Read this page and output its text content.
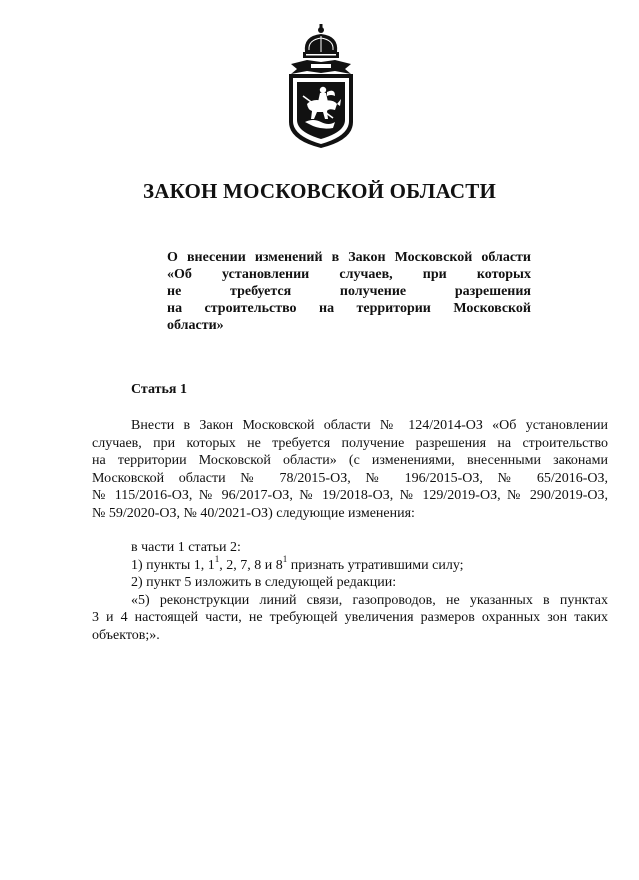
ЗАКОН МОСКОВСКОЙ ОБЛАСТИ
О внесении изменений в Закон Московской области
«Об установлении случаев, при которых
не требуется получение разрешения
на строительство на территории Московской
области»
Статья 1
Внести в Закон Московской области № 124/2014-ОЗ «Об установлении
случаев, при которых не требуется получение разрешения на строительство
на территории Московской области» (с изменениями, внесенными законами
Московской области № 78/2015-ОЗ, № 196/2015-ОЗ, № 65/2016-ОЗ,
№ 115/2016-ОЗ, № 96/2017-ОЗ, № 19/2018-ОЗ, № 129/2019-ОЗ, № 290/2019-ОЗ,
№ 59/2020-ОЗ, № 40/2021-ОЗ) следующие изменения:
в части 1 статьи 2:
1) пункты 1, $1^1$, 2, 7, 8 и $8^1$ признать утратившими силу;
2) пункт 5 изложить в следующей редакции:
«5) реконструкции линий связи, газопроводов, не указанных в пунктах
3 и 4 настоящей части, не требующей увеличения размеров охранных зон таких
объектов;».
